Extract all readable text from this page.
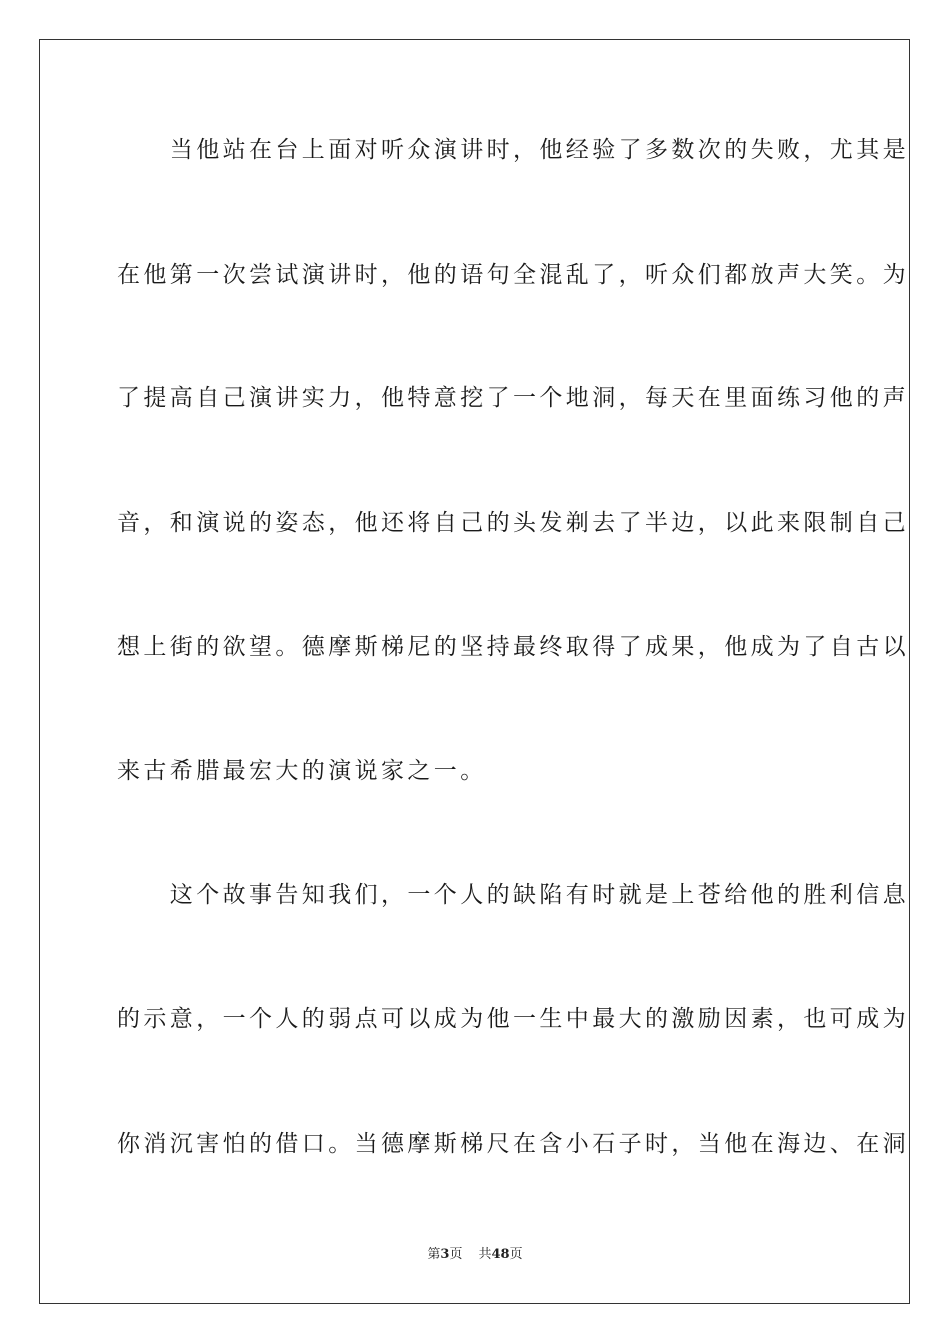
　　当他站在台上面对听众演讲时，他经验了多数次的失败，尤其是
在他第一次尝试演讲时，他的语句全混乱了，听众们都放声大笑。为
了提高自己演讲实力，他特意挖了一个地洞，每天在里面练习他的声
音，和演说的姿态，他还将自己的头发剃去了半边，以此来限制自己
想上街的欲望。德摩斯梯尼的坚持最终取得了成果，他成为了自古以
来古希腊最宏大的演说家之一。
　　这个故事告知我们，一个人的缺陷有时就是上苍给他的胜利信息
的示意，一个人的弱点可以成为他一生中最大的激励因素，也可成为
你消沉害怕的借口。当德摩斯梯尺在含小石子时，当他在海边、在洞
第3页 共48页
